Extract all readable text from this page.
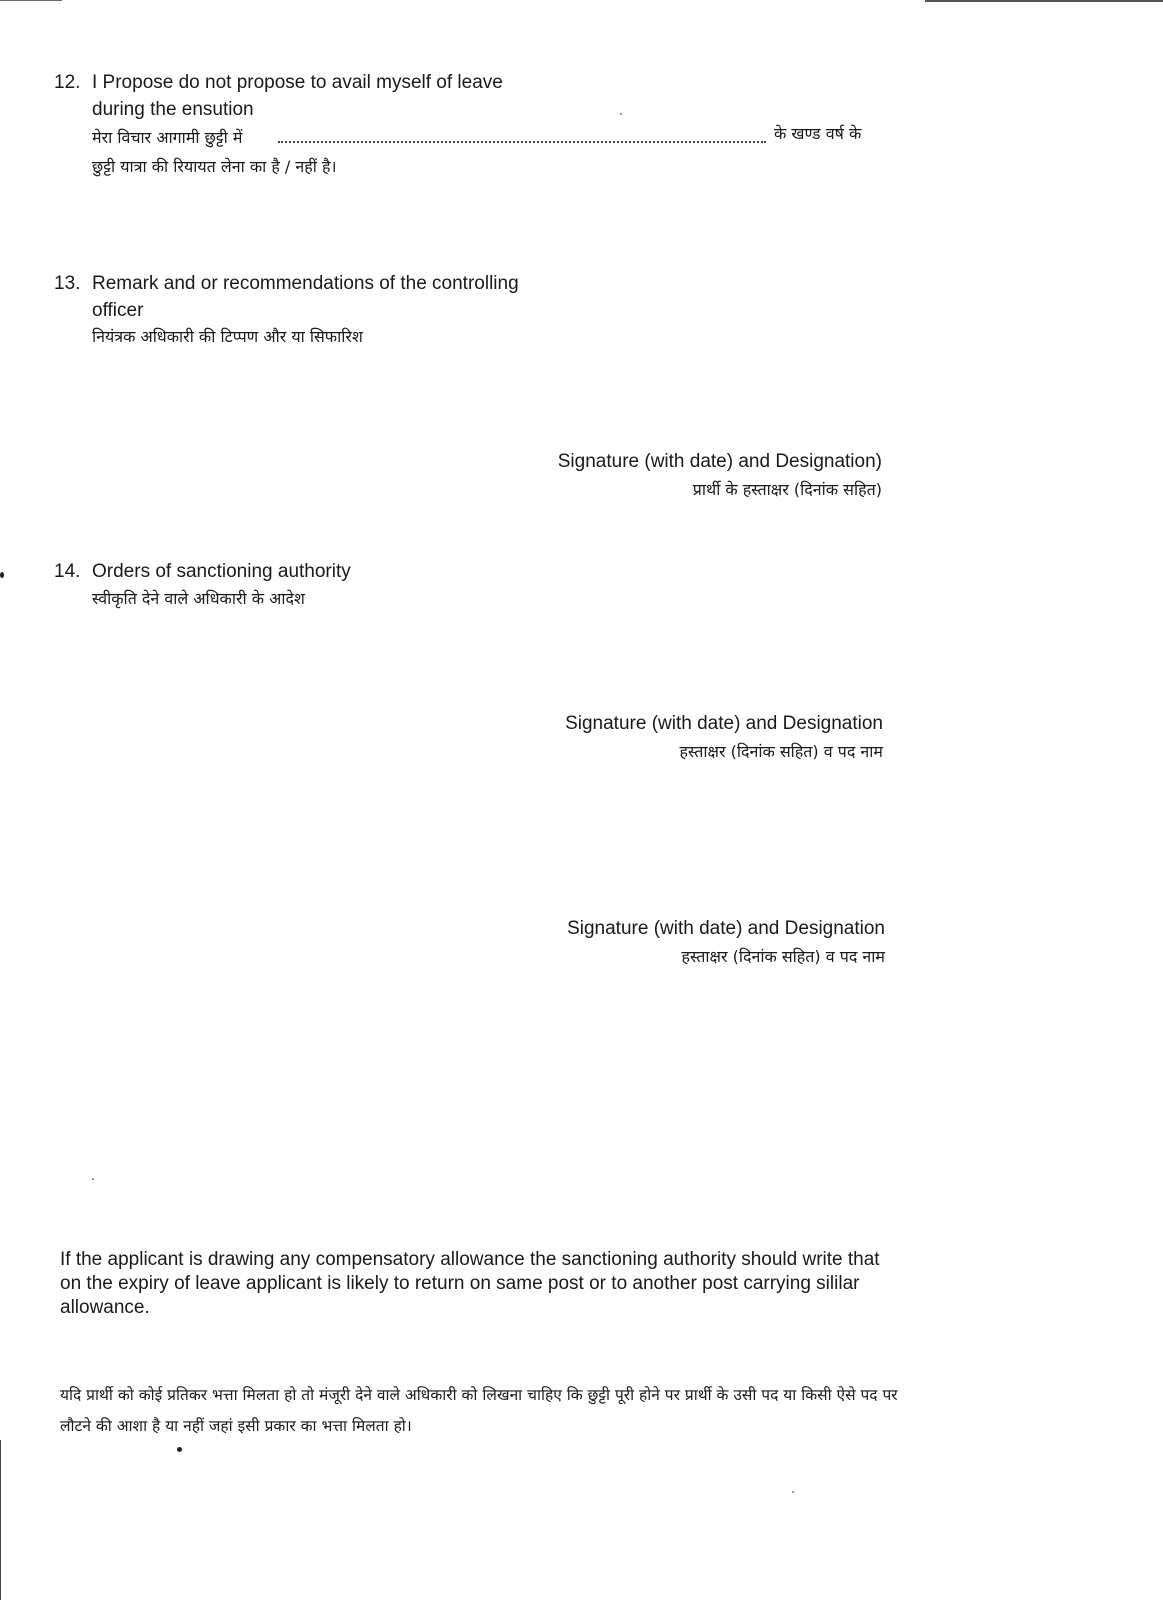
12. I Propose do not propose to avail myself of leave
during the ensution
मेरा विचार आगामी छुट्टी में	के खण्ड वर्ष के
छुट्टी यात्रा की रियायत लेना का है / नहीं है।
13. Remark and or recommendations of the controlling
officer
नियंत्रक अधिकारी की टिप्पण और या सिफारिश
Signature (with date) and Designation)
प्रार्थी के हस्ताक्षर (दिनांक सहित)
14. Orders of sanctioning authority
स्वीकृति देने वाले अधिकारी के आदेश
Signature (with date) and Designation
हस्ताक्षर (दिनांक सहित) व पद नाम
Signature (with date) and Designation
हस्ताक्षर (दिनांक सहित) व पद नाम
If the applicant is drawing any compensatory allowance the sanctioning authority should write that on the expiry of leave applicant is likely to return on same post or to another post carrying sililar allowance.
यदि प्रार्थी को कोई प्रतिकर भत्ता मिलता हो तो मंजूरी देने वाले अधिकारी को लिखना चाहिए कि छुट्टी पूरी होने पर प्रार्थी के उसी पद या किसी ऐसे पद पर लौटने की आशा है या नहीं जहां इसी प्रकार का भत्ता मिलता हो।
